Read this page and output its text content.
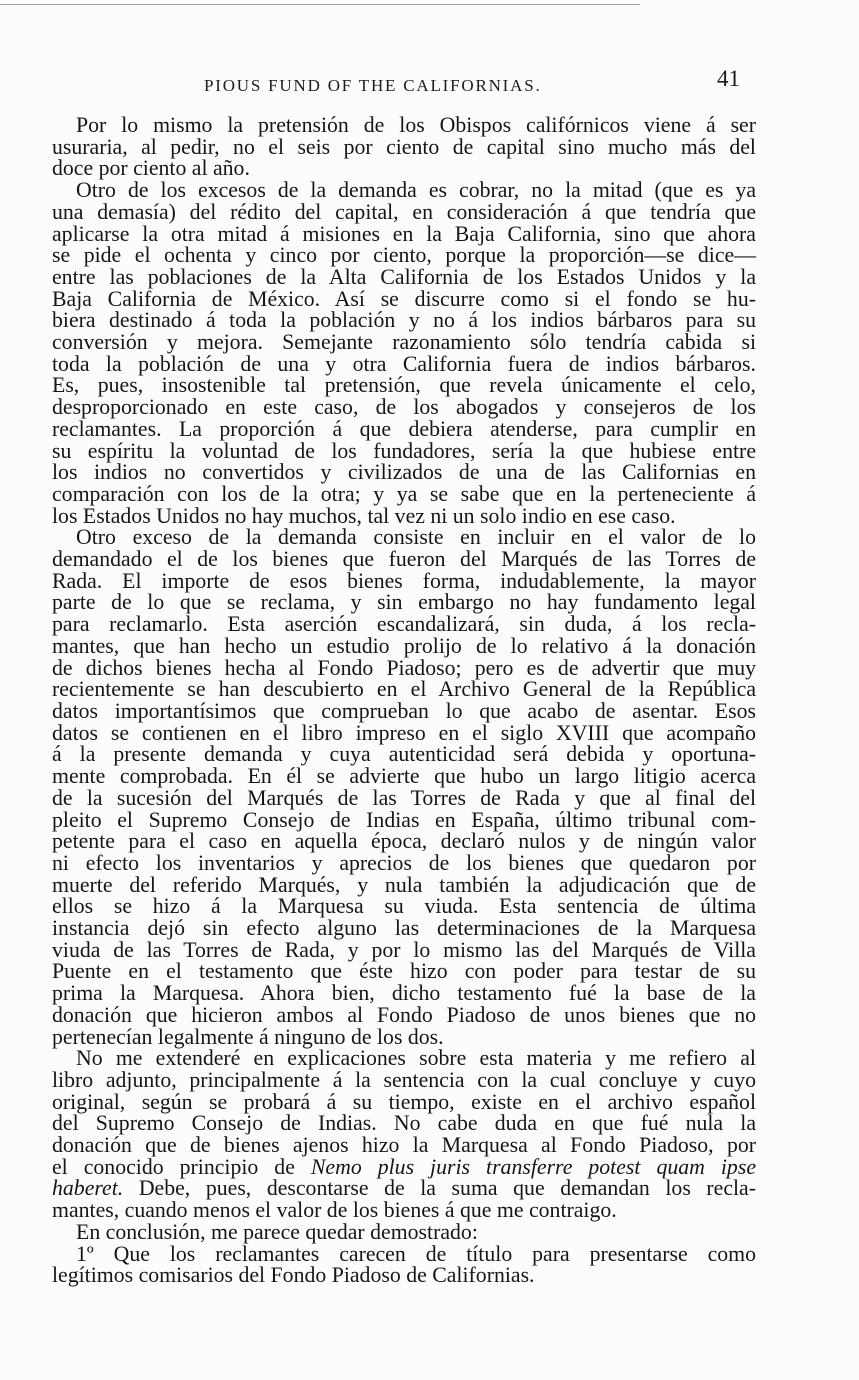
PIOUS FUND OF THE CALIFORNIAS.	41
Por lo mismo la pretensión de los Obispos califórnicos viene á ser
usuraria, al pedir, no el seis por ciento de capital sino mucho más del
doce por ciento al año.
Otro de los excesos de la demanda es cobrar, no la mitad (que es ya
una demasía) del rédito del capital, en consideración á que tendría que
aplicarse la otra mitad á misiones en la Baja California, sino que ahora
se pide el ochenta y cinco por ciento, porque la proporción—se dice—
entre las poblaciones de la Alta California de los Estados Unidos y la
Baja California de México. Así se discurre como si el fondo se hu-
biera destinado á toda la población y no á los indios bárbaros para su
conversión y mejora. Semejante razonamiento sólo tendría cabida si
toda la población de una y otra California fuera de indios bárbaros.
Es, pues, insostenible tal pretensión, que revela únicamente el celo,
desproporcionado en este caso, de los abogados y consejeros de los
reclamantes. La proporción á que debiera atenderse, para cumplir en
su espíritu la voluntad de los fundadores, sería la que hubiese entre
los indios no convertidos y civilizados de una de las Californias en
comparación con los de la otra; y ya se sabe que en la perteneciente á
los Estados Unidos no hay muchos, tal vez ni un solo indio en ese caso.
Otro exceso de la demanda consiste en incluir en el valor de lo
demandado el de los bienes que fueron del Marqués de las Torres de
Rada. El importe de esos bienes forma, indudablemente, la mayor
parte de lo que se reclama, y sin embargo no hay fundamento legal
para reclamarlo. Esta aserción escandalizará, sin duda, á los recla-
mantes, que han hecho un estudio prolijo de lo relativo á la donación
de dichos bienes hecha al Fondo Piadoso; pero es de advertir que muy
recientemente se han descubierto en el Archivo General de la República
datos importantísimos que comprueban lo que acabo de asentar. Esos
datos se contienen en el libro impreso en el siglo XVIII que acompaño
á la presente demanda y cuya autenticidad será debida y oportuna-
mente comprobada. En él se advierte que hubo un largo litigio acerca
de la sucesión del Marqués de las Torres de Rada y que al final del
pleito el Supremo Consejo de Indias en España, último tribunal com-
petente para el caso en aquella época, declaró nulos y de ningún valor
ni efecto los inventarios y aprecios de los bienes que quedaron por
muerte del referido Marqués, y nula también la adjudicación que de
ellos se hizo á la Marquesa su viuda. Esta sentencia de última
instancia dejó sin efecto alguno las determinaciones de la Marquesa
viuda de las Torres de Rada, y por lo mismo las del Marqués de Villa
Puente en el testamento que éste hizo con poder para testar de su
prima la Marquesa. Ahora bien, dicho testamento fué la base de la
donación que hicieron ambos al Fondo Piadoso de unos bienes que no
pertenecían legalmente á ninguno de los dos.
No me extenderé en explicaciones sobre esta materia y me refiero al
libro adjunto, principalmente á la sentencia con la cual concluye y cuyo
original, según se probará á su tiempo, existe en el archivo español
del Supremo Consejo de Indias. No cabe duda en que fué nula la
donación que de bienes ajenos hizo la Marquesa al Fondo Piadoso, por
el conocido principio de Nemo plus juris transferre potest quam ipse
haberet. Debe, pues, descontarse de la suma que demandan los recla-
mantes, cuando menos el valor de los bienes á que me contraigo.
En conclusión, me parece quedar demostrado:
1º Que los reclamantes carecen de título para presentarse como
legítimos comisarios del Fondo Piadoso de Californias.
